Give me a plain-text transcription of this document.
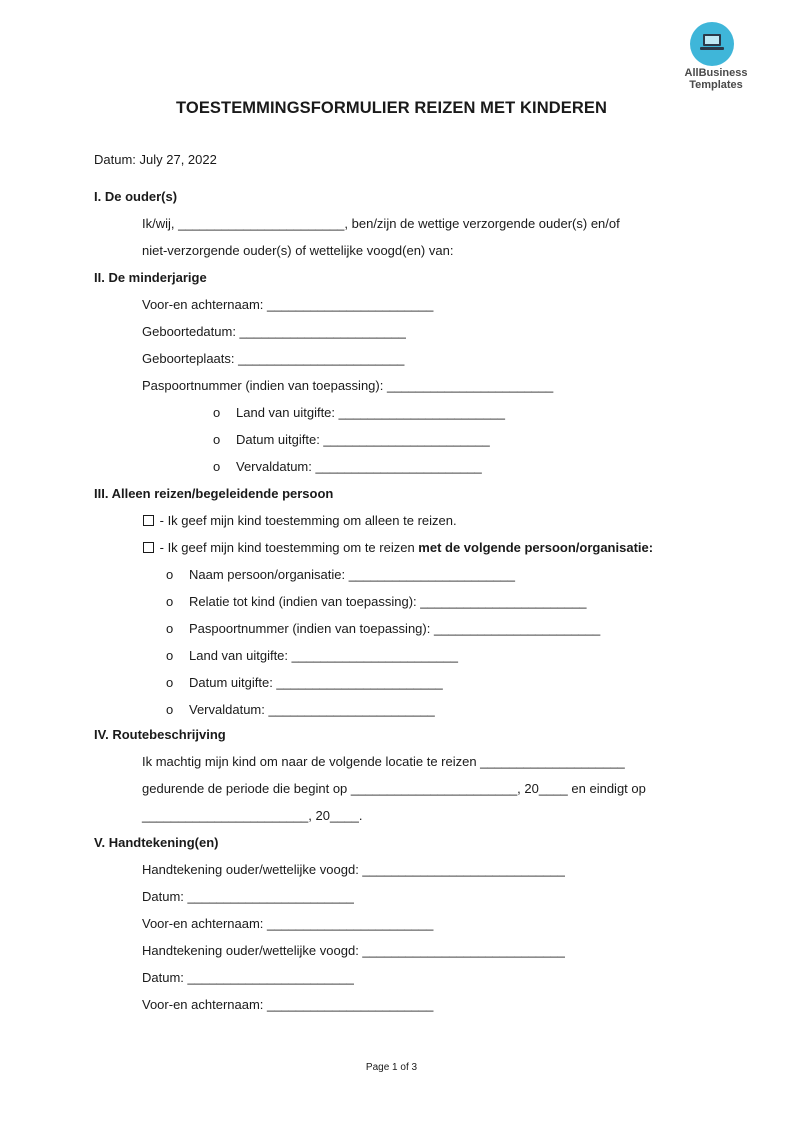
AllBusiness
Templates
TOESTEMMINGSFORMULIER REIZEN MET KINDEREN
Datum: July 27, 2022
I. De ouder(s)
Ik/wij, _______________________, ben/zijn de wettige verzorgende ouder(s) en/of
niet-verzorgende ouder(s) of wettelijke voogd(en) van:
II. De minderjarige
Voor-en achternaam: _______________________
Geboortedatum: _______________________
Geboorteplaats: _______________________
Paspoortnummer (indien van toepassing): _______________________
o Land van uitgifte: _______________________
o Datum uitgifte: _______________________
o Vervaldatum: _______________________
III. Alleen reizen/begeleidende persoon
- Ik geef mijn kind toestemming om alleen te reizen.
- Ik geef mijn kind toestemming om te reizen met de volgende persoon/organisatie:
o Naam persoon/organisatie: _______________________
o Relatie tot kind (indien van toepassing): _______________________
o Paspoortnummer (indien van toepassing): _______________________
o Land van uitgifte: _______________________
o Datum uitgifte: _______________________
o Vervaldatum: _______________________
IV. Routebeschrijving
Ik machtig mijn kind om naar de volgende locatie te reizen ____________________
gedurende de periode die begint op _______________________, 20____ en eindigt op
_______________________, 20____.
V. Handtekening(en)
Handtekening ouder/wettelijke voogd: ____________________________
Datum: _______________________
Voor-en achternaam: _______________________
Handtekening ouder/wettelijke voogd: ____________________________
Datum: _______________________
Voor-en achternaam: _______________________
Page 1 of 3
